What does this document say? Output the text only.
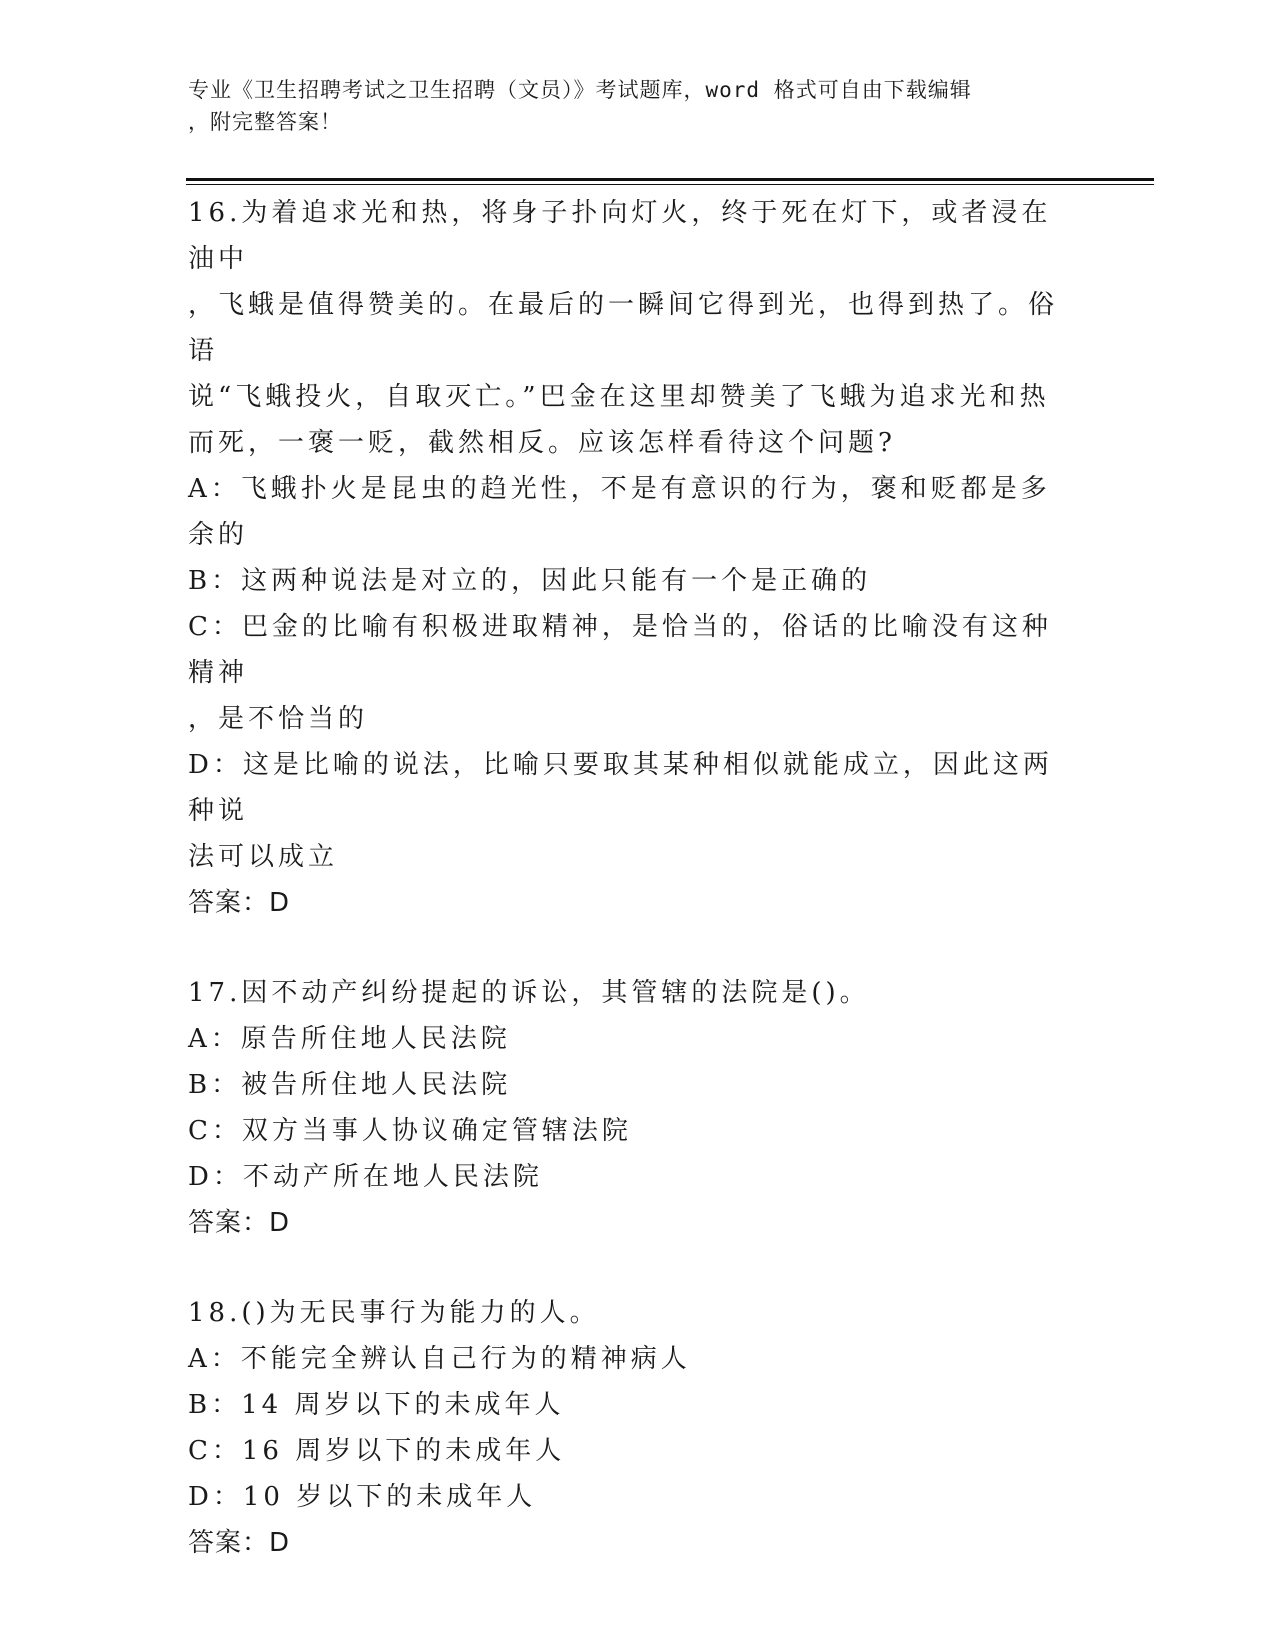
专业《卫生招聘考试之卫生招聘（文员）》考试题库，word 格式可自由下载编辑
，附完整答案！
16.为着追求光和热，将身子扑向灯火，终于死在灯下，或者浸在油中
，飞蛾是值得赞美的。在最后的一瞬间它得到光，也得到热了。俗语
说“飞蛾投火，自取灭亡。”巴金在这里却赞美了飞蛾为追求光和热
而死，一褒一贬，截然相反。应该怎样看待这个问题?
A：飞蛾扑火是昆虫的趋光性，不是有意识的行为，褒和贬都是多余的
B：这两种说法是对立的，因此只能有一个是正确的
C：巴金的比喻有积极进取精神，是恰当的，俗话的比喻没有这种精神
，是不恰当的
D：这是比喻的说法，比喻只要取其某种相似就能成立，因此这两种说
法可以成立
答案：D
17.因不动产纠纷提起的诉讼，其管辖的法院是()。
A：原告所住地人民法院
B：被告所住地人民法院
C：双方当事人协议确定管辖法院
D：不动产所在地人民法院
答案：D
18.()为无民事行为能力的人。
A：不能完全辨认自己行为的精神病人
B：14 周岁以下的未成年人
C：16 周岁以下的未成年人
D：10 岁以下的未成年人
答案：D
